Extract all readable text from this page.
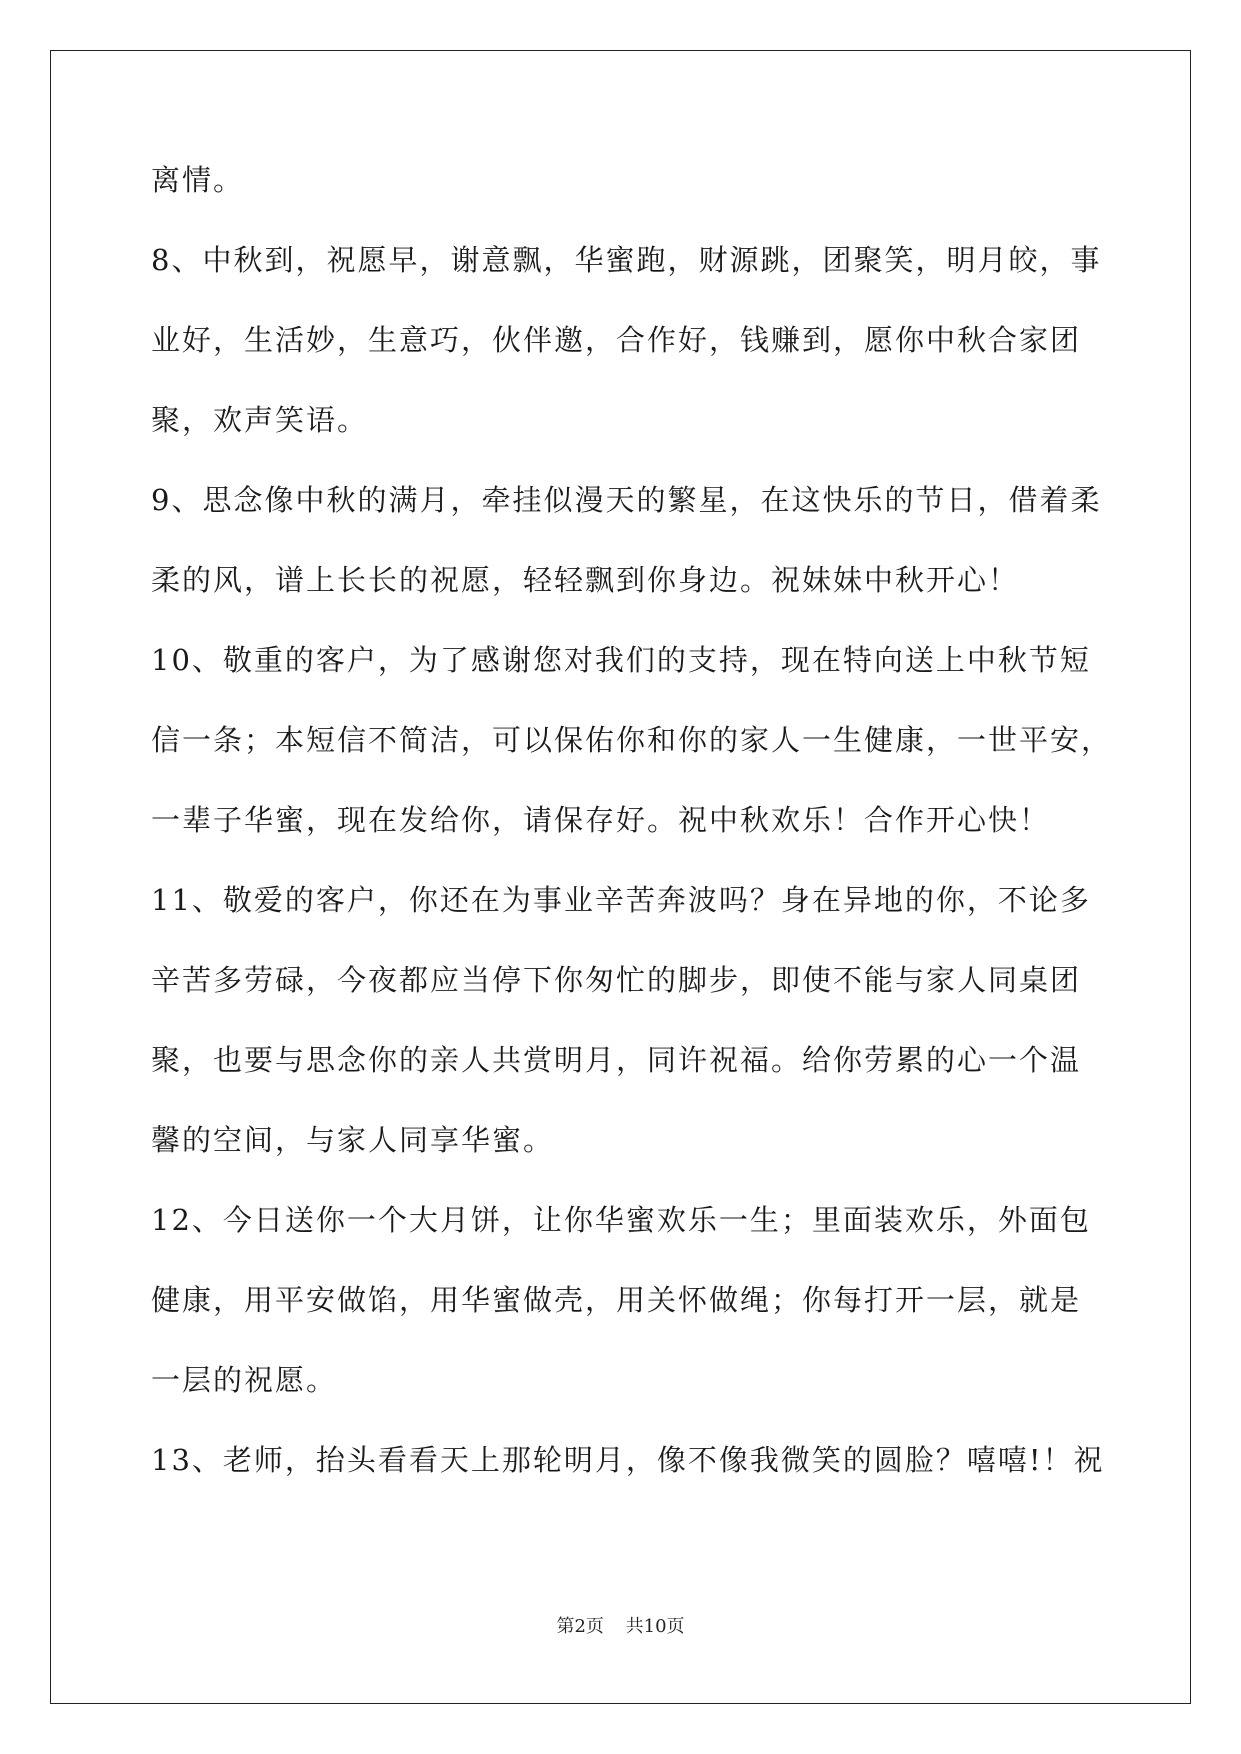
离情。
8、中秋到，祝愿早，谢意飘，华蜜跑，财源跳，团聚笑，明月皎，事
业好，生活妙，生意巧，伙伴邀，合作好，钱赚到，愿你中秋合家团
聚，欢声笑语。
9、思念像中秋的满月，牵挂似漫天的繁星，在这快乐的节日，借着柔
柔的风，谱上长长的祝愿，轻轻飘到你身边。祝妹妹中秋开心！
10、敬重的客户，为了感谢您对我们的支持，现在特向送上中秋节短
信一条；本短信不简洁，可以保佑你和你的家人一生健康，一世平安，
一辈子华蜜，现在发给你，请保存好。祝中秋欢乐！合作开心快！
11、敬爱的客户，你还在为事业辛苦奔波吗？身在异地的你，不论多
辛苦多劳碌，今夜都应当停下你匆忙的脚步，即使不能与家人同桌团
聚，也要与思念你的亲人共赏明月，同许祝福。给你劳累的心一个温
馨的空间，与家人同享华蜜。
12、今日送你一个大月饼，让你华蜜欢乐一生；里面装欢乐，外面包
健康，用平安做馅，用华蜜做壳，用关怀做绳；你每打开一层，就是
一层的祝愿。
13、老师，抬头看看天上那轮明月，像不像我微笑的圆脸？嘻嘻!！祝
第2页 共10页
